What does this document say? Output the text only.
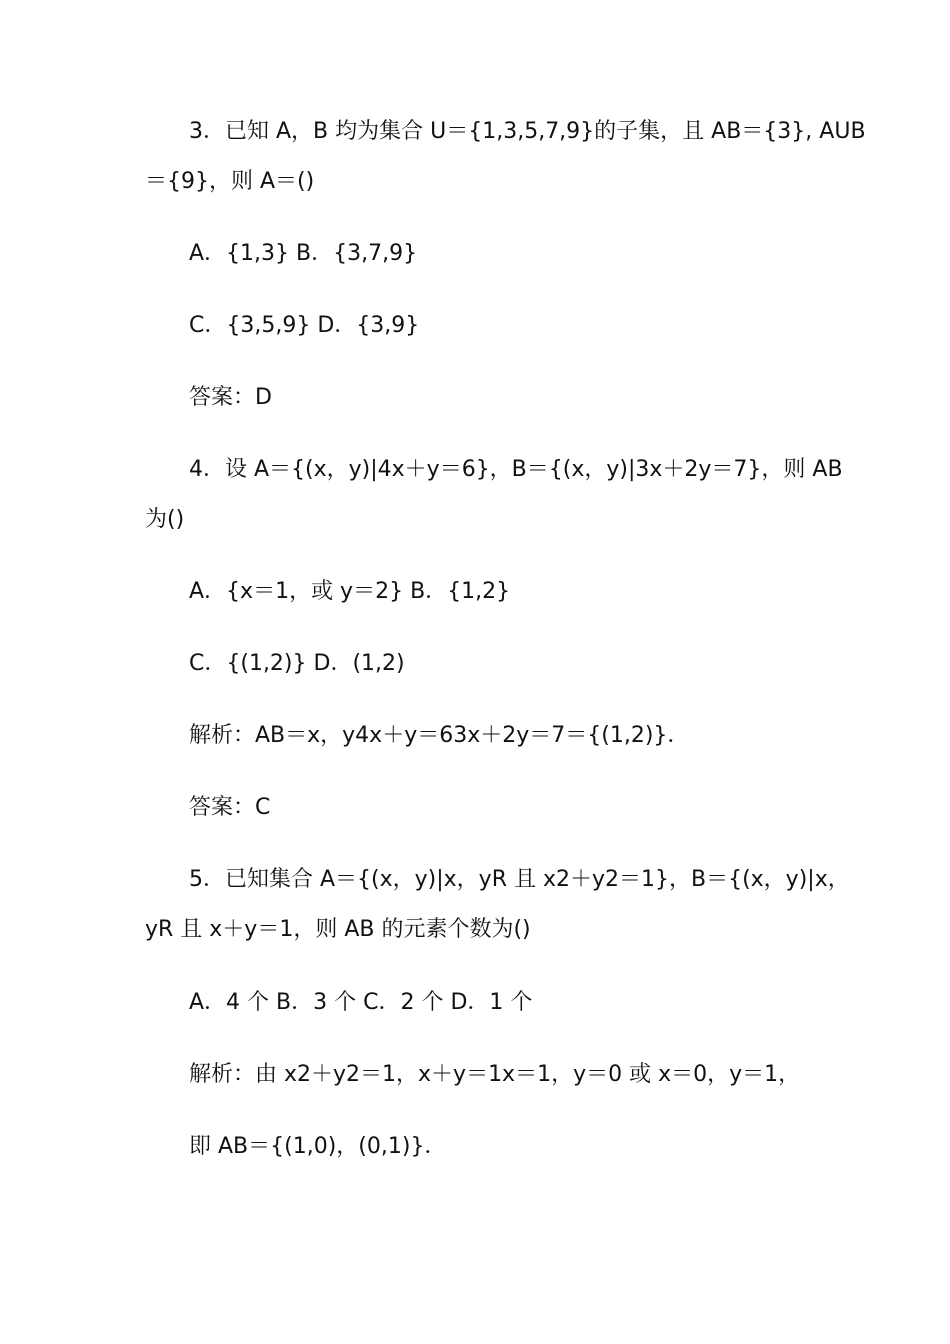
3．已知 A，B 均为集合 U＝{1,3,5,7,9}的子集，且 AB＝{3}, AUB
＝{9}，则 A＝()
A．{1,3} B．{3,7,9}
C．{3,5,9} D．{3,9}
答案：D
4．设 A＝{(x，y)|4x＋y＝6}，B＝{(x，y)|3x＋2y＝7}，则 AB
为()
A．{x＝1，或 y＝2} B．{1,2}
C．{(1,2)} D．(1,2)
解析：AB＝x，y4x＋y＝63x＋2y＝7＝{(1,2)}．
答案：C
5．已知集合 A＝{(x，y)|x，yR 且 x2＋y2＝1}，B＝{(x，y)|x，
yR 且 x＋y＝1，则 AB 的元素个数为()
A．4 个 B．3 个 C．2 个 D．1 个
解析：由 x2＋y2＝1，x＋y＝1x＝1，y＝0 或 x＝0，y＝1，
即 AB＝{(1,0)，(0,1)}．
